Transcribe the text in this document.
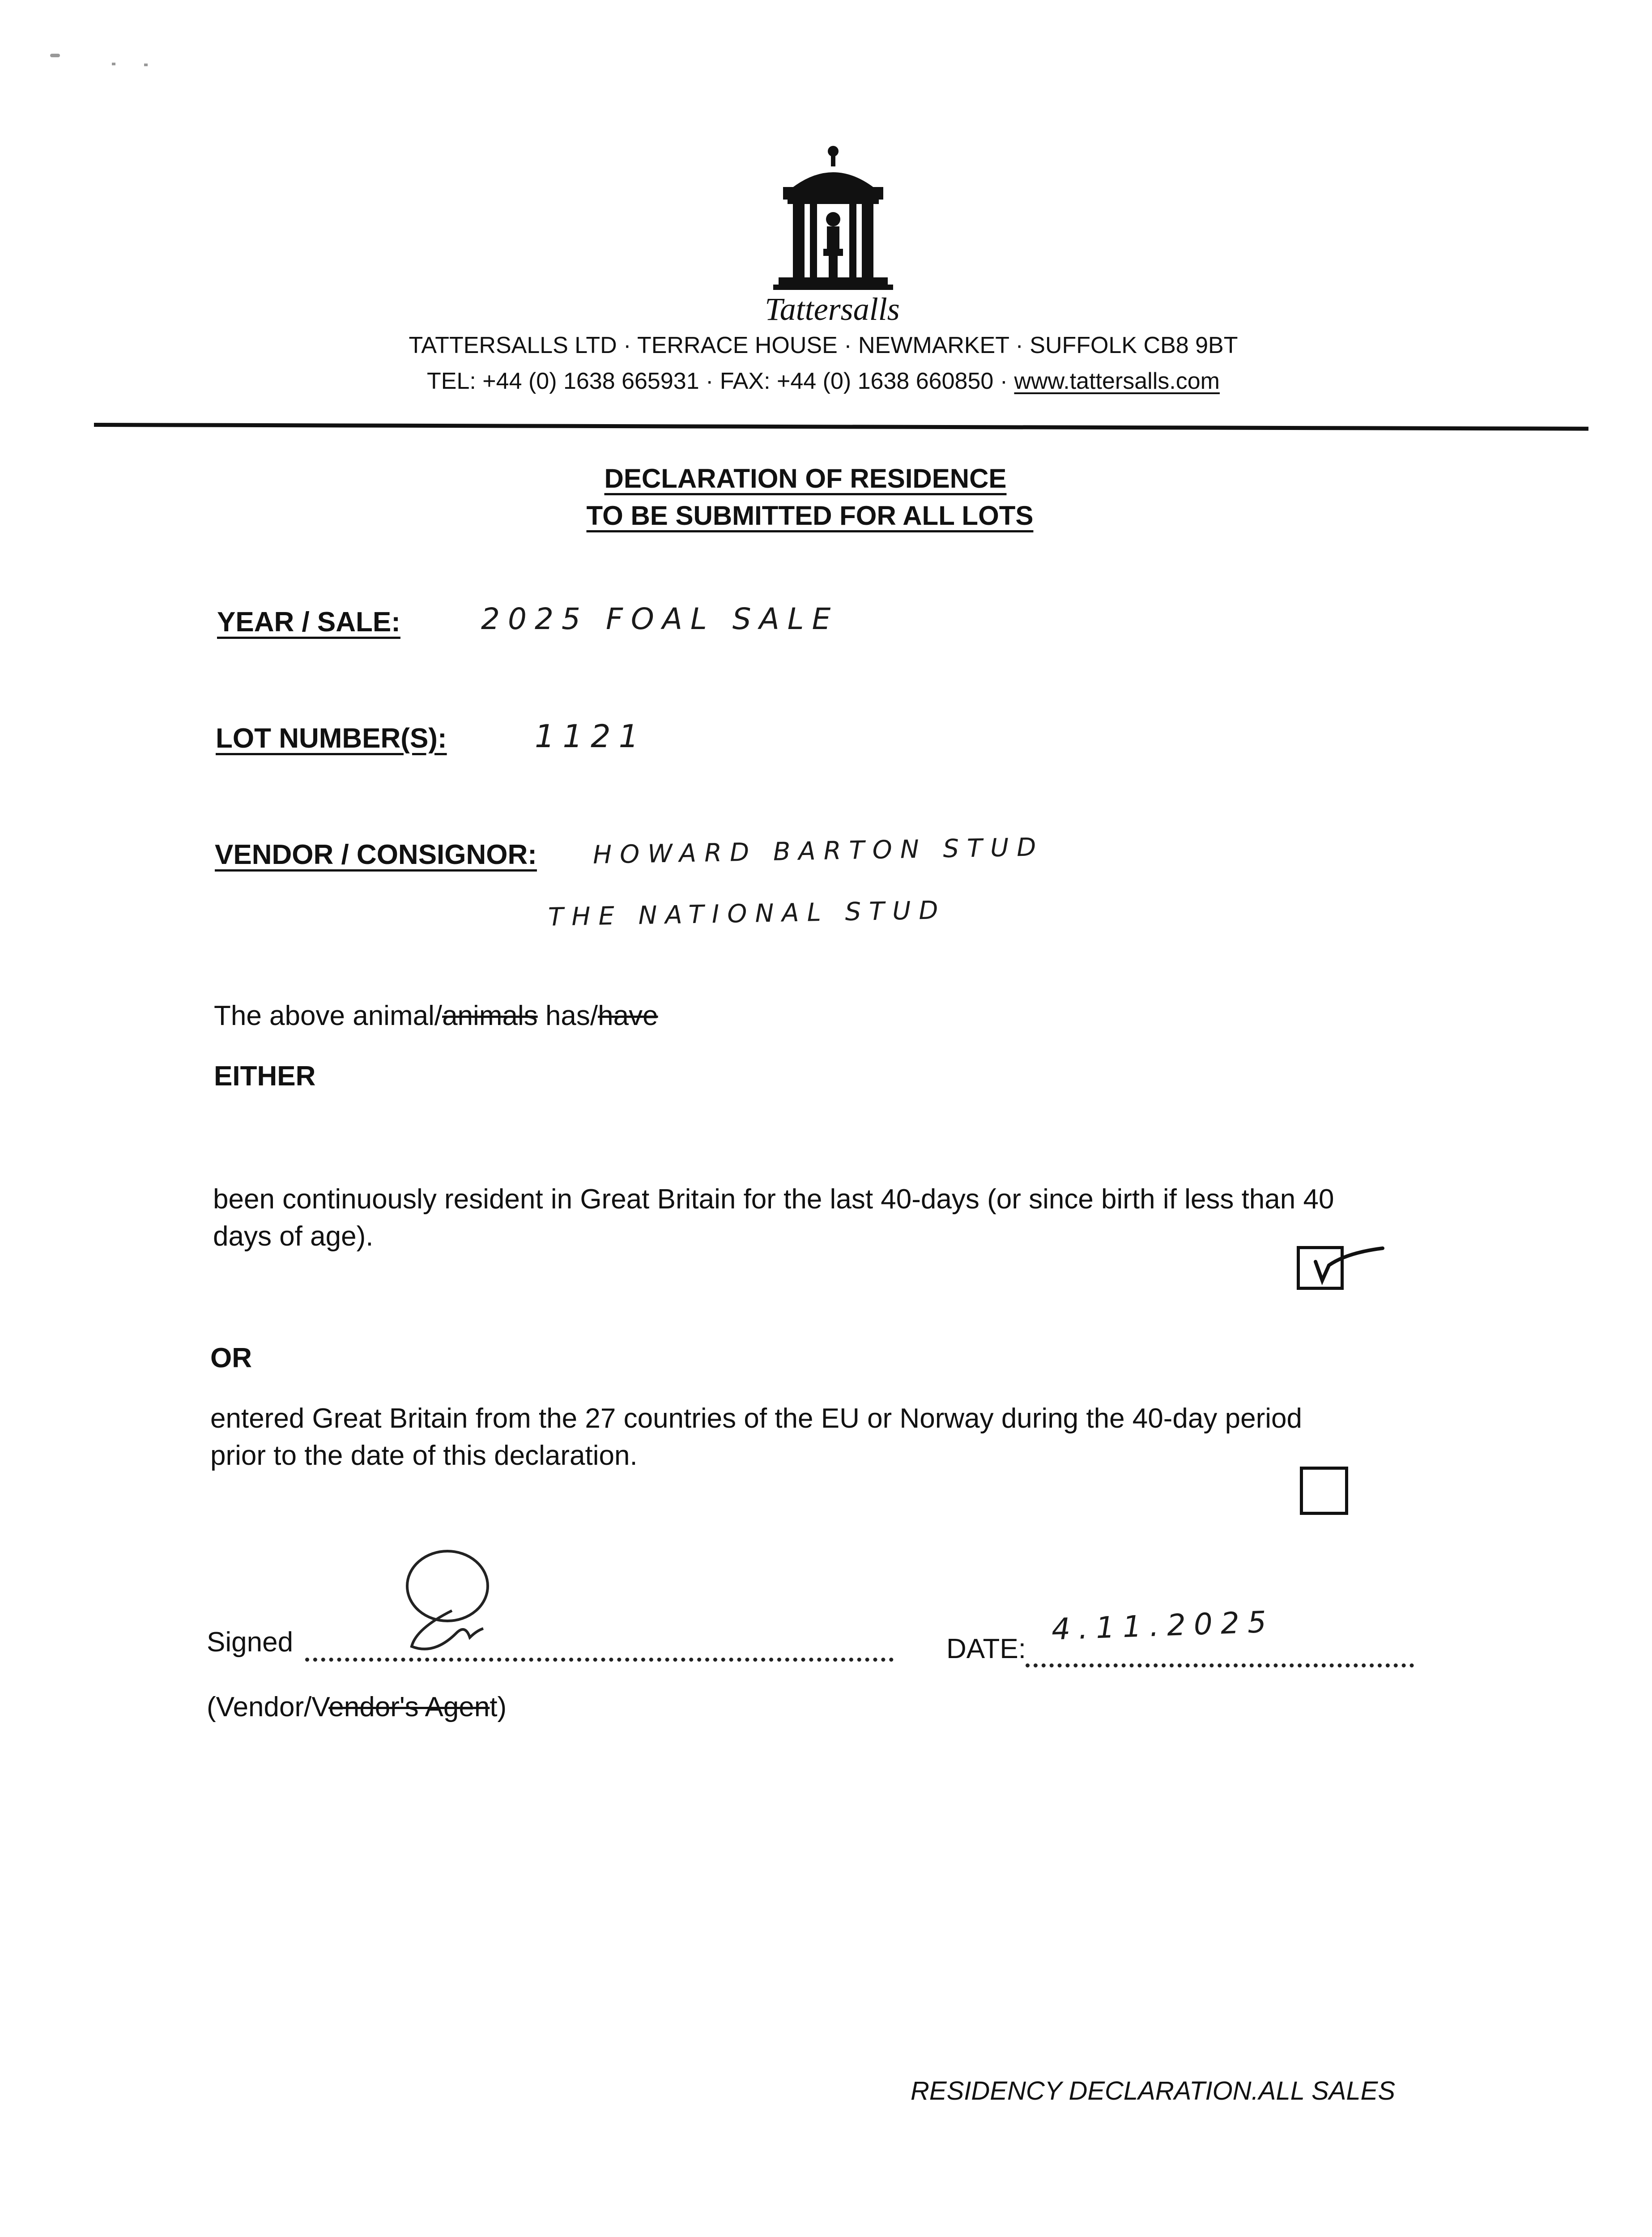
Tattersalls
TATTERSALLS LTD · TERRACE HOUSE · NEWMARKET · SUFFOLK CB8 9BT
TEL: +44 (0) 1638 665931 · FAX: +44 (0) 1638 660850 · www.tattersalls.com
DECLARATION OF RESIDENCE
TO BE SUBMITTED FOR ALL LOTS
YEAR / SALE:	2025 FOAL SALE
LOT NUMBER(S):	1121
VENDOR / CONSIGNOR: HOWARD BARTON STUD
THE NATIONAL STUD
The above animal/animals has/have
EITHER
been continuously resident in Great Britain for the last 40-days (or since birth if less than 40
days of age).
OR
entered Great Britain from the 27 countries of the EU or Norway during the 40-day period
prior to the date of this declaration.
Signed	DATE:
4.11.2025
(Vendor/Vendor's Agent)
RESIDENCY DECLARATION.ALL SALES
